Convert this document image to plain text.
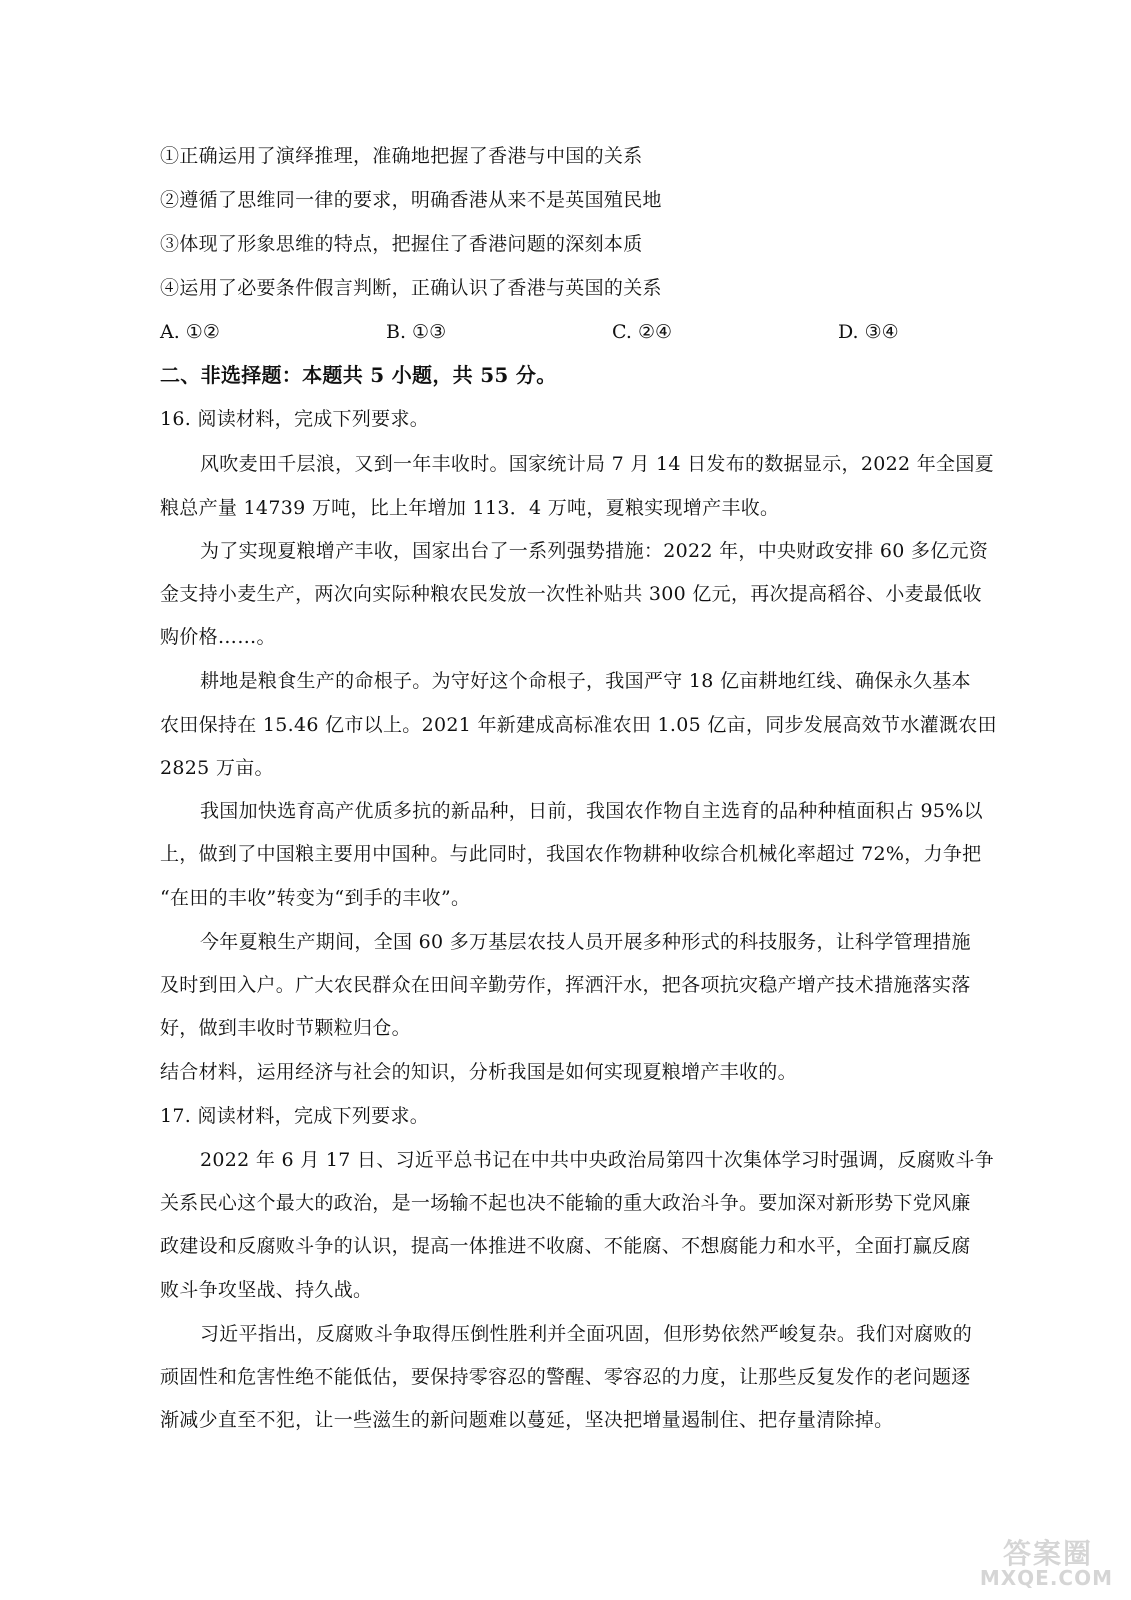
①正确运用了演绎推理，准确地把握了香港与中国的关系
②遵循了思维同一律的要求，明确香港从来不是英国殖民地
③体现了形象思维的特点，把握住了香港问题的深刻本质
④运用了必要条件假言判断，正确认识了香港与英国的关系
A. ①②	B. ①③	C. ②④	D. ③④
二、非选择题：本题共 5 小题，共 55 分。
16. 阅读材料，完成下列要求。
风吹麦田千层浪，又到一年丰收时。国家统计局 7 月 14 日发布的数据显示，2022 年全国夏
粮总产量 14739 万吨，比上年增加 113．4 万吨，夏粮实现增产丰收。
为了实现夏粮增产丰收，国家出台了一系列强势措施：2022 年，中央财政安排 60 多亿元资
金支持小麦生产，两次向实际种粮农民发放一次性补贴共 300 亿元，再次提高稻谷、小麦最低收
购价格……。
耕地是粮食生产的命根子。为守好这个命根子，我国严守 18 亿亩耕地红线、确保永久基本
农田保持在 15.46 亿市以上。2021 年新建成高标准农田 1.05 亿亩，同步发展高效节水灌溉农田
2825 万亩。
我国加快选育高产优质多抗的新品种，日前，我国农作物自主选育的品种种植面积占 95%以
上，做到了中国粮主要用中国种。与此同时，我国农作物耕种收综合机械化率超过 72%，力争把
“在田的丰收”转变为“到手的丰收”。
今年夏粮生产期间，全国 60 多万基层农技人员开展多种形式的科技服务，让科学管理措施
及时到田入户。广大农民群众在田间辛勤劳作，挥洒汗水，把各项抗灾稳产增产技术措施落实落
好，做到丰收时节颗粒归仓。
结合材料，运用经济与社会的知识，分析我国是如何实现夏粮增产丰收的。
17. 阅读材料，完成下列要求。
2022 年 6 月 17 日、习近平总书记在中共中央政治局第四十次集体学习时强调，反腐败斗争
关系民心这个最大的政治，是一场输不起也决不能输的重大政治斗争。要加深对新形势下党风廉
政建设和反腐败斗争的认识，提高一体推进不收腐、不能腐、不想腐能力和水平，全面打赢反腐
败斗争攻坚战、持久战。
习近平指出，反腐败斗争取得压倒性胜利并全面巩固，但形势依然严峻复杂。我们对腐败的
顽固性和危害性绝不能低估，要保持零容忍的警醒、零容忍的力度，让那些反复发作的老问题逐
渐减少直至不犯，让一些滋生的新问题难以蔓延，坚决把增量遏制住、把存量清除掉。
答案圈
MXQE.COM
